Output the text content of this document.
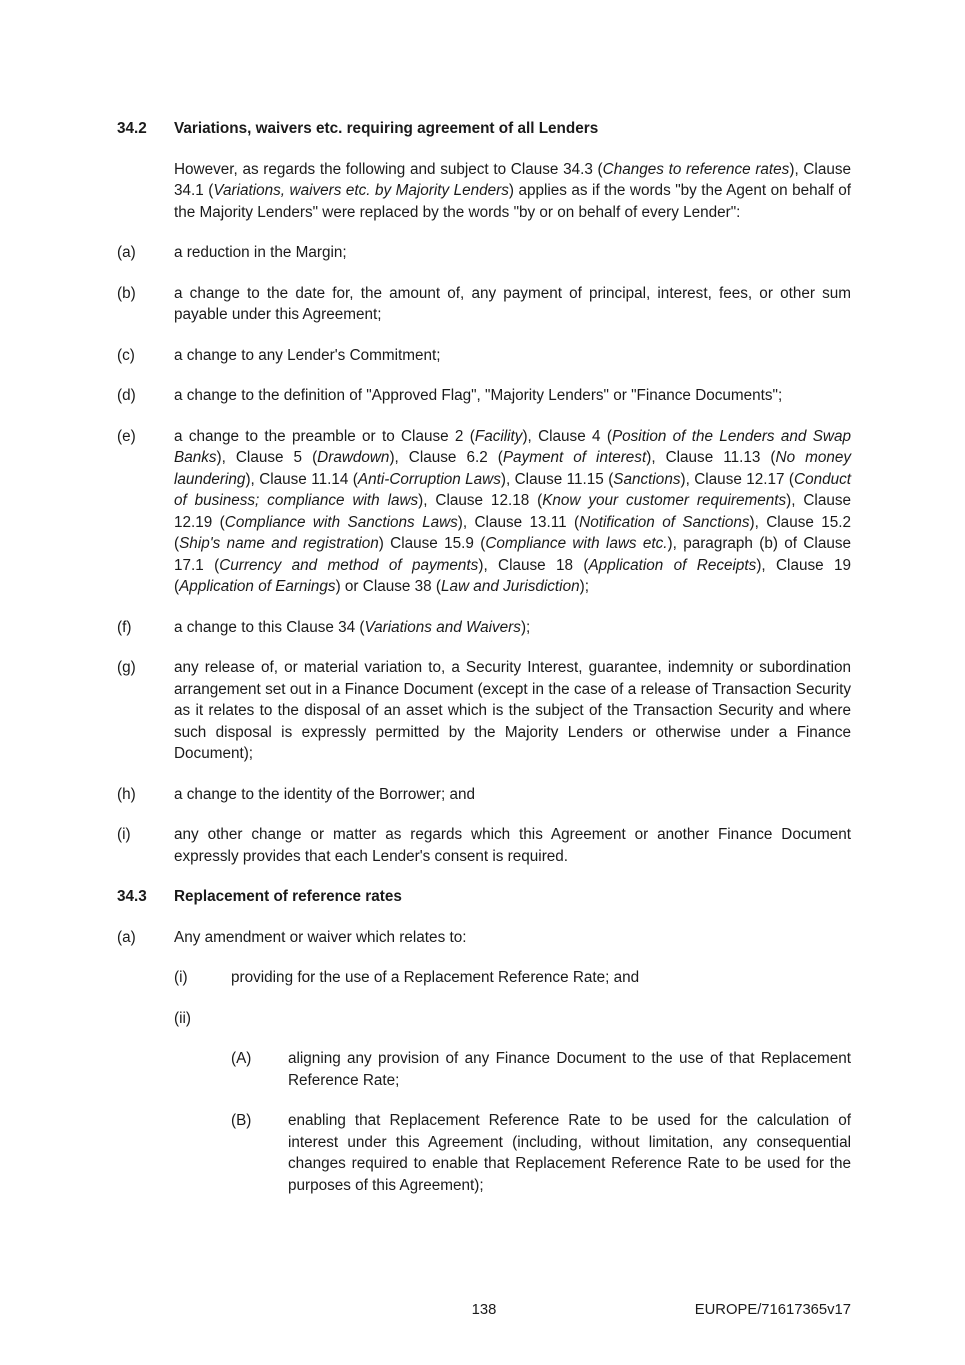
34.2	Variations, waivers etc. requiring agreement of all Lenders
However, as regards the following and subject to Clause 34.3 (Changes to reference rates), Clause 34.1 (Variations, waivers etc. by Majority Lenders) applies as if the words "by the Agent on behalf of the Majority Lenders" were replaced by the words "by or on behalf of every Lender":
(a)	a reduction in the Margin;
(b)	a change to the date for, the amount of, any payment of principal, interest, fees, or other sum payable under this Agreement;
(c)	a change to any Lender's Commitment;
(d)	a change to the definition of "Approved Flag", "Majority Lenders" or "Finance Documents";
(e)	a change to the preamble or to Clause 2 (Facility), Clause 4 (Position of the Lenders and Swap Banks), Clause 5 (Drawdown), Clause 6.2 (Payment of interest), Clause 11.13 (No money laundering), Clause 11.14 (Anti-Corruption Laws), Clause 11.15 (Sanctions), Clause 12.17 (Conduct of business; compliance with laws), Clause 12.18 (Know your customer requirements), Clause 12.19 (Compliance with Sanctions Laws), Clause 13.11 (Notification of Sanctions), Clause 15.2 (Ship's name and registration) Clause 15.9 (Compliance with laws etc.), paragraph (b) of Clause 17.1 (Currency and method of payments), Clause 18 (Application of Receipts), Clause 19 (Application of Earnings) or Clause 38 (Law and Jurisdiction);
(f)	a change to this Clause 34 (Variations and Waivers);
(g)	any release of, or material variation to, a Security Interest, guarantee, indemnity or subordination arrangement set out in a Finance Document (except in the case of a release of Transaction Security as it relates to the disposal of an asset which is the subject of the Transaction Security and where such disposal is expressly permitted by the Majority Lenders or otherwise under a Finance Document);
(h)	a change to the identity of the Borrower; and
(i)	any other change or matter as regards which this Agreement or another Finance Document expressly provides that each Lender's consent is required.
34.3	Replacement of reference rates
(a)	Any amendment or waiver which relates to:
(i)	providing for the use of a Replacement Reference Rate; and
(ii)
(A)	aligning any provision of any Finance Document to the use of that Replacement Reference Rate;
(B)	enabling that Replacement Reference Rate to be used for the calculation of interest under this Agreement (including, without limitation, any consequential changes required to enable that Replacement Reference Rate to be used for the purposes of this Agreement);
138	EUROPE/71617365v17
